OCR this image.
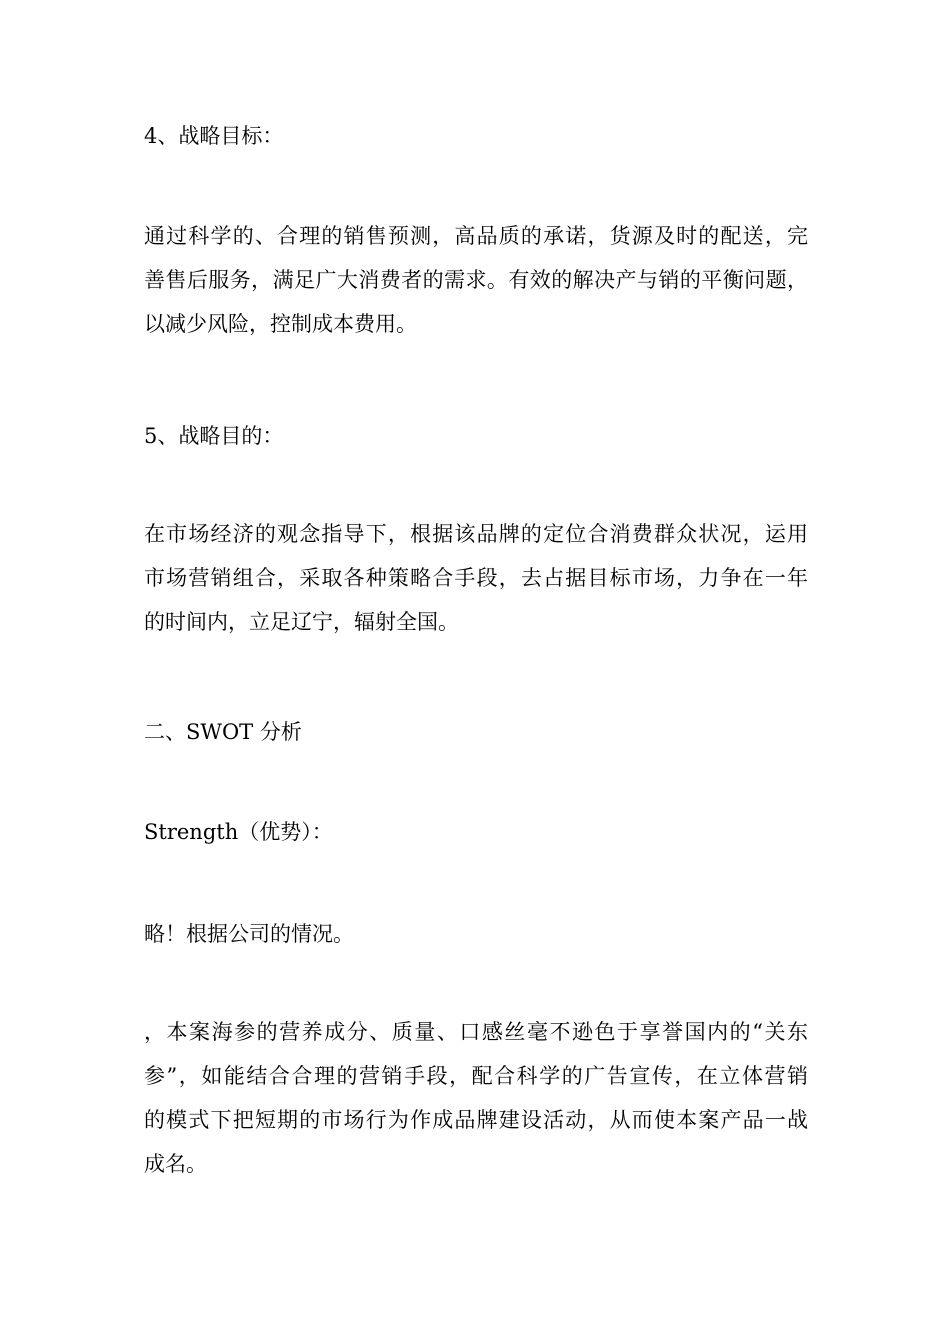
4、战略目标：
通过科学的、合理的销售预测，高品质的承诺，货源及时的配送，完
善售后服务，满足广大消费者的需求。有效的解决产与销的平衡问题，
以减少风险，控制成本费用。
5、战略目的：
在市场经济的观念指导下，根据该品牌的定位合消费群众状况，运用
市场营销组合，采取各种策略合手段，去占据目标市场，力争在一年
的时间内，立足辽宁，辐射全国。
二、SWOT 分析
Strength（优势）：
略！根据公司的情况。
，本案海参的营养成分、质量、口感丝毫不逊色于享誉国内的“关东
参”，如能结合合理的营销手段，配合科学的广告宣传，在立体营销
的模式下把短期的市场行为作成品牌建设活动，从而使本案产品一战
成名。
